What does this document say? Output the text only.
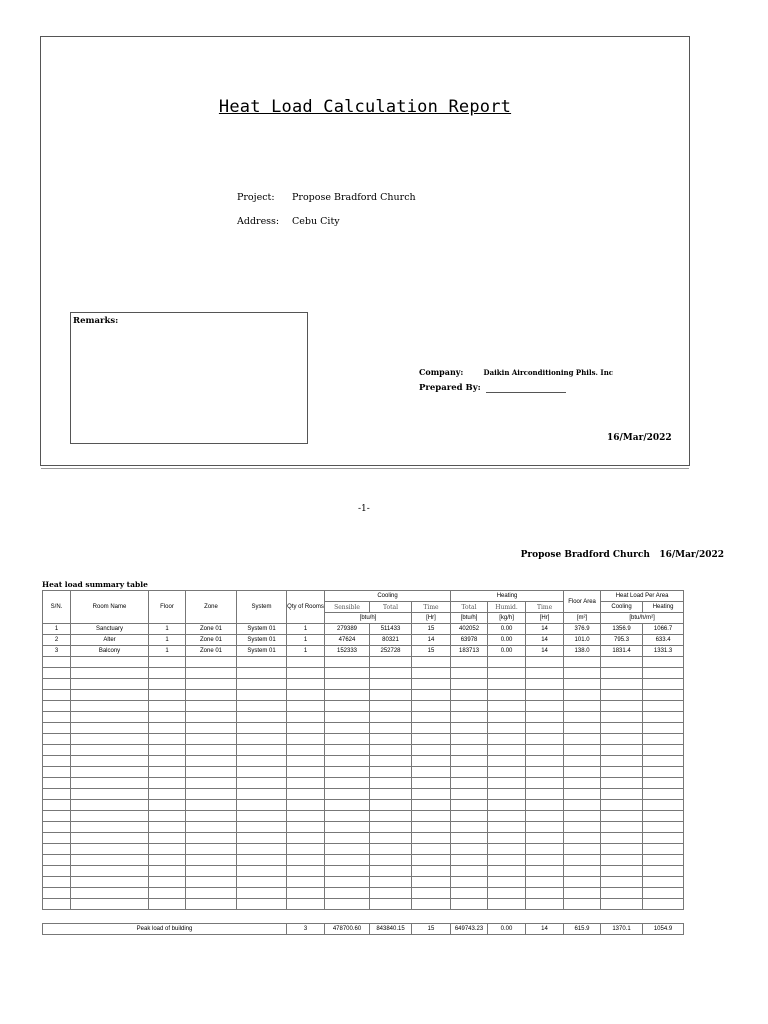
Heat Load Calculation Report
Project: Propose Bradford Church
Address: Cebu City
Remarks:
Company:	Daikin Airconditioning Phils. Inc
Prepared By:
16/Mar/2022
-1-
Propose Bradford Church 16/Mar/2022
Heat load summary table
S/N.	Room Name	Floor	Zone	System	Qty of Rooms	Cooling			Heating			Floor Area	Heat Load Per Area	
						Sensible	Total	Time	Total	Humid.	Time		Cooling	Heating
						[btu/h]		[Hr]	[btu/h]	[kg/h]	[Hr]	[m²]	[btu/h/m²]	
1	Sanctuary	1	Zone 01	System 01	1	279389	511433	15	402052	0.00	14	376.9	1356.9	1066.7
2	Alter	1	Zone 01	System 01	1	47624	80321	14	63978	0.00	14	101.0	795.3	633.4
3	Balcony	1	Zone 01	System 01	1	152333	252728	15	183713	0.00	14	138.0	1831.4	1331.3

Peak load of building	3	478700.60	843840.15	15	649743.23	0.00	14	615.9	1370.1	1054.9
